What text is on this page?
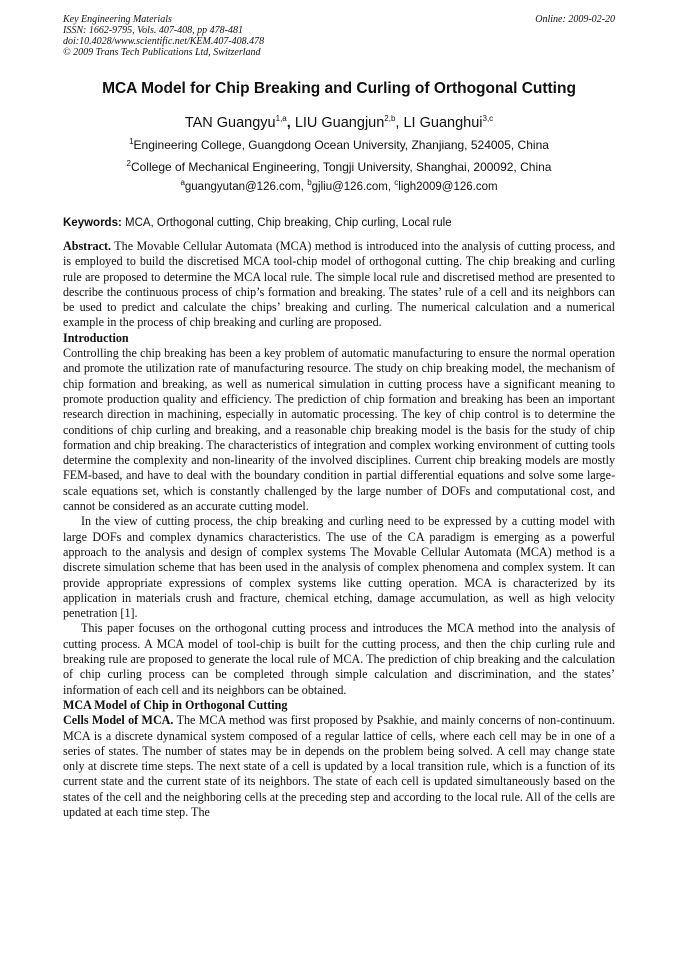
Key Engineering Materials
ISSN: 1662-9795, Vols. 407-408, pp 478-481
doi:10.4028/www.scientific.net/KEM.407-408.478
© 2009 Trans Tech Publications Ltd, Switzerland
Online: 2009-02-20
MCA Model for Chip Breaking and Curling of Orthogonal Cutting
TAN Guangyu$^{1,a}$, LIU Guangjun$^{2,b}$, LI Guanghui$^{3,c}$
$^1$Engineering College, Guangdong Ocean University, Zhanjiang, 524005, China
$^2$College of Mechanical Engineering, Tongji University, Shanghai, 200092, China
$^a$guangyutan@126.com, $^b$gjliu@126.com, $^c$ligh2009@126.com
Keywords: MCA, Orthogonal cutting, Chip breaking, Chip curling, Local rule

Abstract. The Movable Cellular Automata (MCA) method is introduced into the analysis of cutting process, and is employed to build the discretised MCA tool-chip model of orthogonal cutting. The chip breaking and curling rule are proposed to determine the MCA local rule. The simple local rule and discretised method are presented to describe the continuous process of chip’s formation and breaking. The states’ rule of a cell and its neighbors can be used to predict and calculate the chips’ breaking and curling. The numerical calculation and a numerical example in the process of chip breaking and curling are proposed.

Introduction

Controlling the chip breaking has been a key problem of automatic manufacturing to ensure the normal operation and promote the utilization rate of manufacturing resource. The study on chip breaking model, the mechanism of chip formation and breaking, as well as numerical simulation in cutting process have a significant meaning to promote production quality and efficiency. The prediction of chip formation and breaking has been an important research direction in machining, especially in automatic processing. The key of chip control is to determine the conditions of chip curling and breaking, and a reasonable chip breaking model is the basis for the study of chip formation and chip breaking. The characteristics of integration and complex working environment of cutting tools determine the complexity and non-linearity of the involved disciplines. Current chip breaking models are mostly FEM-based, and have to deal with the boundary condition in partial differential equations and solve some large-scale equations set, which is constantly challenged by the large number of DOFs and computational cost, and cannot be considered as an accurate cutting model.

In the view of cutting process, the chip breaking and curling need to be expressed by a cutting model with large DOFs and complex dynamics characteristics. The use of the CA paradigm is emerging as a powerful approach to the analysis and design of complex systems The Movable Cellular Automata (MCA) method is a discrete simulation scheme that has been used in the analysis of complex phenomena and complex system. It can provide appropriate expressions of complex systems like cutting operation. MCA is characterized by its application in materials crush and fracture, chemical etching, damage accumulation, as well as high velocity penetration [1].

This paper focuses on the orthogonal cutting process and introduces the MCA method into the analysis of cutting process. A MCA model of tool-chip is built for the cutting process, and then the chip curling rule and breaking rule are proposed to generate the local rule of MCA. The prediction of chip breaking and the calculation of chip curling process can be completed through simple calculation and discrimination, and the states’ information of each cell and its neighbors can be obtained.

MCA Model of Chip in Orthogonal Cutting

Cells Model of MCA. The MCA method was first proposed by Psakhie, and mainly concerns of non-continuum. MCA is a discrete dynamical system composed of a regular lattice of cells, where each cell may be in one of a series of states. The number of states may be in depends on the problem being solved. A cell may change state only at discrete time steps. The next state of a cell is updated by a local transition rule, which is a function of its current state and the current state of its neighbors. The state of each cell is updated simultaneously based on the states of the cell and the neighboring cells at the preceding step and according to the local rule. All of the cells are updated at each time step. The
